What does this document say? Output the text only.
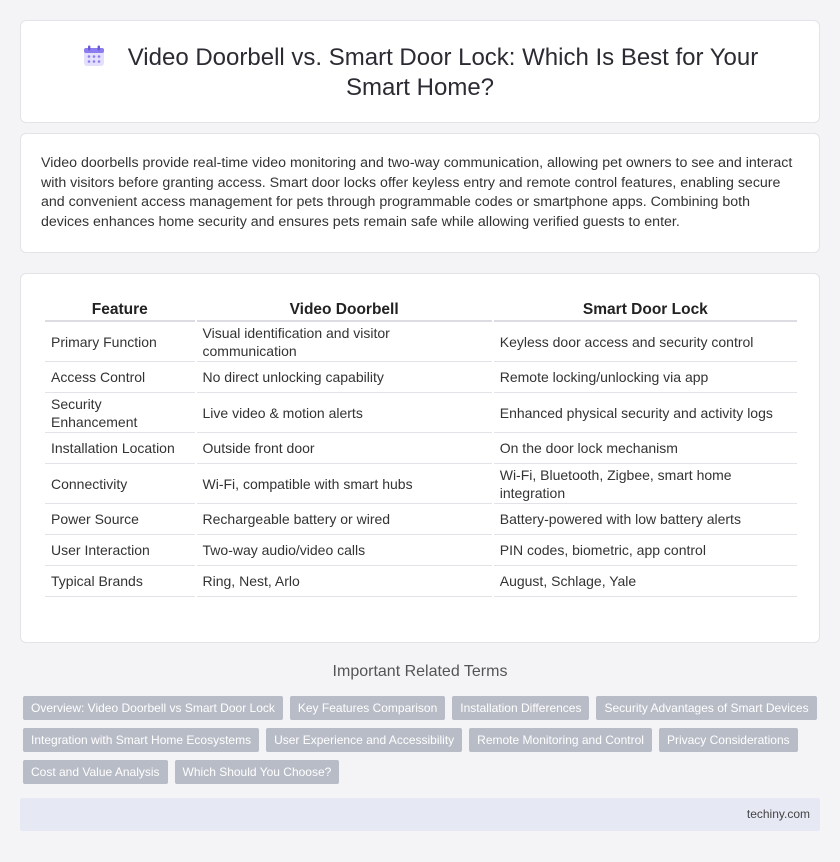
Video Doorbell vs. Smart Door Lock: Which Is Best for Your Smart Home?

Video doorbells provide real-time video monitoring and two-way communication, allowing pet owners to see and interact with visitors before granting access. Smart door locks offer keyless entry and remote control features, enabling secure and convenient access management for pets through programmable codes or smartphone apps. Combining both devices enhances home security and ensures pets remain safe while allowing verified guests to enter.

Feature	Video Doorbell	Smart Door Lock
Primary Function	Visual identification and visitor communication	Keyless door access and security control
Access Control	No direct unlocking capability	Remote locking/unlocking via app
Security Enhancement	Live video & motion alerts	Enhanced physical security and activity logs
Installation Location	Outside front door	On the door lock mechanism
Connectivity	Wi-Fi, compatible with smart hubs	Wi-Fi, Bluetooth, Zigbee, smart home integration
Power Source	Rechargeable battery or wired	Battery-powered with low battery alerts
User Interaction	Two-way audio/video calls	PIN codes, biometric, app control
Typical Brands	Ring, Nest, Arlo	August, Schlage, Yale
Important Related Terms
Overview: Video Doorbell vs Smart Door Lock	Key Features Comparison	Installation Differences	Security Advantages of Smart Devices
Integration with Smart Home Ecosystems	User Experience and Accessibility	Remote Monitoring and Control	Privacy Considerations
Cost and Value Analysis	Which Should You Choose?
techiny.com
